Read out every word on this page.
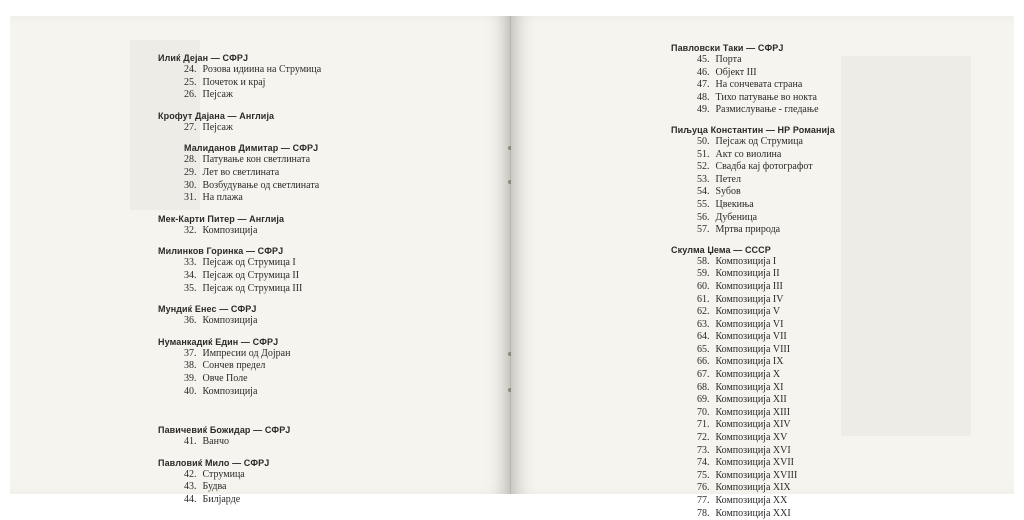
Илиќ Дејан — СФРЈ
24. Розова идиина на Струмица
25. Почеток и крај
26. Пејсаж
Крофут Дајана — Англија
27. Пејсаж
Малиданов Димитар — СФРЈ
28. Патување кон светлината
29. Лет во светлината
30. Возбудување од светлината
31. На плажа
Мек-Карти Питер — Англија
32. Композиција
Милинков Горинка — СФРЈ
33. Пејсаж од Струмица I
34. Пејсаж од Струмица II
35. Пејсаж од Струмица III
Мундиќ Енес — СФРЈ
36. Композиција
Нуманкадиќ Един — СФРЈ
37. Импресии од Дојран
38. Сончев предел
39. Овче Поле
40. Композиција
Павичевиќ Божидар — СФРЈ
41. Ванчо
Павловиќ Мило — СФРЈ
42. Струмица
43. Будва
44. Билјарде
Павловски Таки — СФРЈ
45. Порта
46. Објект III
47. На сончевата страна
48. Тихо патување во нокта
49. Размислување - гледање
Пиљуца Константин — НР Романија
50. Пејсаж од Струмица
51. Акт со виолина
52. Свадба кај фотографот
53. Петел
54. Ѕубов
55. Цвекиња
56. Дубеница
57. Мртва природа
Скулма Џема — СССР
58. Композиција I
59. Композиција II
60. Композиција III
61. Композиција IV
62. Композиција V
63. Композиција VI
64. Композиција VII
65. Композиција VIII
66. Композиција IX
67. Композиција X
68. Композиција XI
69. Композиција XII
70. Композиција XIII
71. Композиција XIV
72. Композиција XV
73. Композиција XVI
74. Композиција XVII
75. Композиција XVIII
76. Композиција XIX
77. Композиција XX
78. Композиција XXI
